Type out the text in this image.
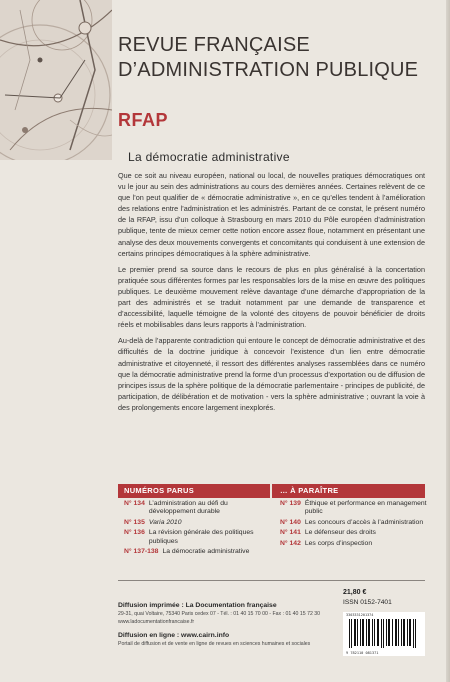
REVUE FRANÇAISE
D’ADMINISTRATION PUBLIQUE
RFAP
La démocratie administrative

Que ce soit au niveau européen, national ou local, de nouvelles pratiques démocratiques ont vu le jour au sein des administrations au cours des dernières années. Certaines relèvent de ce que l’on peut qualifier de « démocratie administrative », en ce qu’elles tendent à l’amélioration des relations entre l’administration et les administrés. Partant de ce constat, le présent numéro de la RFAP, issu d’un colloque à Strasbourg en mars 2010 du Pôle européen d’administration publique, tente de mieux cerner cette notion encore assez floue, notamment en présentant une analyse des deux mouvements convergents et concomitants qui conduisent à une extension de certains principes démocratiques à la sphère administrative.

Le premier prend sa source dans le recours de plus en plus généralisé à la concertation pratiquée sous différentes formes par les responsables lors de la mise en œuvre des politiques publiques. Le deuxième mouvement relève davantage d’une démarche d’appropriation de la part des administrés et se traduit notamment par une demande de transparence et d’accessibilité, laquelle témoigne de la volonté des citoyens de pouvoir bénéficier de droits réels et mobilisables dans leurs rapports à l’administration.

Au-delà de l’apparente contradiction qui entoure le concept de démocratie administrative et des difficultés de la doctrine juridique à concevoir l’existence d’un lien entre démocratie administrative et citoyenneté, il ressort des différentes analyses rassemblées dans ce numéro que la démocratie administrative prend la forme d’un processus d’exportation ou de diffusion de principes issus de la sphère politique de la démocratie parlementaire - principes de publicité, de participation, de délibération et de motivation - vers la sphère administrative ; ouvrant la voie à des prolongements encore largement inexplorés.

NUMÉROS PARUS	… À PARAÎTRE
N° 134 L’administration au défi du développement durable
N° 135 Varia 2010
N° 136 La révision générale des politiques publiques
N° 137-138 La démocratie administrative
N° 139 Éthique et performance en management public
N° 140 Les concours d’accès à l’administration
N° 141 Le défenseur des droits
N° 142 Les corps d’inspection
21,80 €
ISSN 0152-7401
Diffusion imprimée : La Documentation française
29-31, quai Voltaire, 75340 Paris cedex 07 - Tél. : 01 40 15 70 00 - Fax : 01 40 15 72 30
www.ladocumentationfrancaise.fr
Diffusion en ligne : www.cairn.info
Portail de diffusion et de vente en ligne de revues en sciences humaines et sociales
3303331201374
9 782110 081371
